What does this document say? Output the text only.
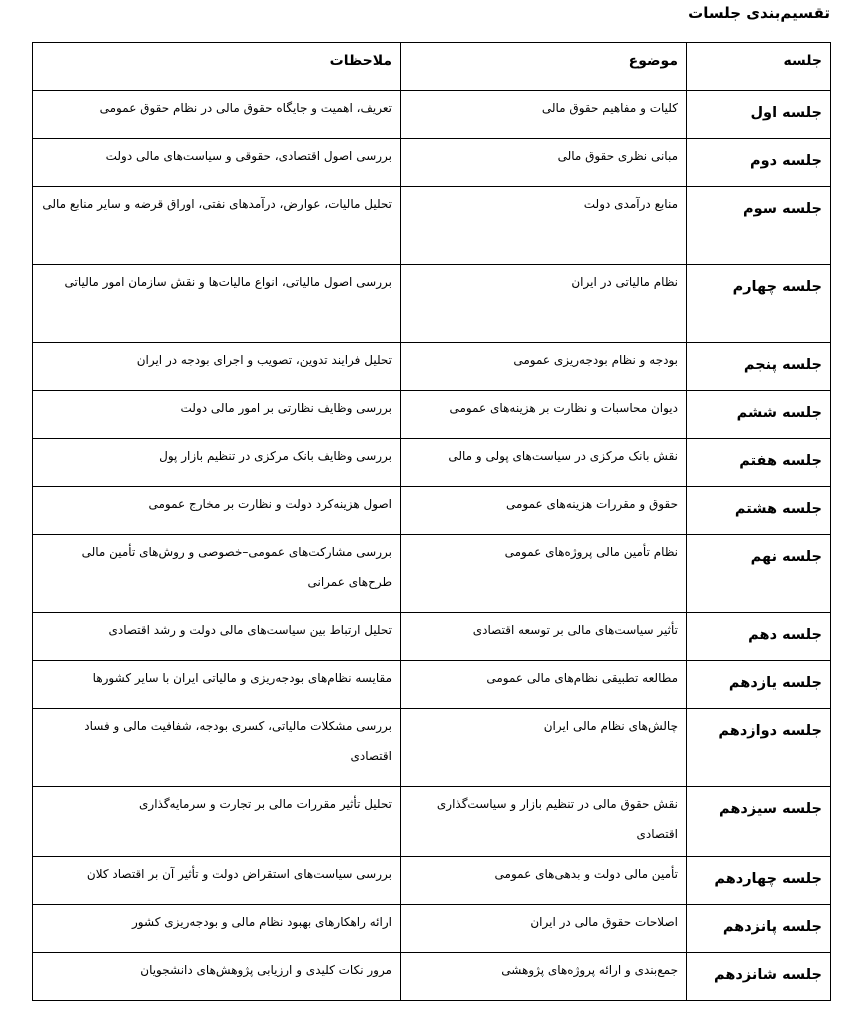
تقسیم‌بندی جلسات
جلسه	موضوع	ملاحظات
جلسه اول	کلیات و مفاهیم حقوق مالی	تعریف، اهمیت و جایگاه حقوق مالی در نظام حقوق عمومی
جلسه دوم	مبانی نظری حقوق مالی	بررسی اصول اقتصادی، حقوقی و سیاست‌های مالی دولت
جلسه سوم	منابع درآمدی دولت	تحلیل مالیات، عوارض، درآمدهای نفتی، اوراق قرضه و سایر منابع مالی
جلسه چهارم	نظام مالیاتی در ایران	بررسی اصول مالیاتی، انواع مالیات‌ها و نقش سازمان امور مالیاتی
جلسه پنجم	بودجه و نظام بودجه‌ریزی عمومی	تحلیل فرایند تدوین، تصویب و اجرای بودجه در ایران
جلسه ششم	دیوان محاسبات و نظارت بر هزینه‌های عمومی	بررسی وظایف نظارتی بر امور مالی دولت
جلسه هفتم	نقش بانک مرکزی در سیاست‌های پولی و مالی	بررسی وظایف بانک مرکزی در تنظیم بازار پول
جلسه هشتم	حقوق و مقررات هزینه‌های عمومی	اصول هزینه‌کرد دولت و نظارت بر مخارج عمومی
جلسه نهم	نظام تأمین مالی پروژه‌های عمومی	بررسی مشارکت‌های عمومی–خصوصی و روش‌های تأمین مالی طرح‌های عمرانی
جلسه دهم	تأثیر سیاست‌های مالی بر توسعه اقتصادی	تحلیل ارتباط بین سیاست‌های مالی دولت و رشد اقتصادی
جلسه یازدهم	مطالعه تطبیقی نظام‌های مالی عمومی	مقایسه نظام‌های بودجه‌ریزی و مالیاتی ایران با سایر کشورها
جلسه دوازدهم	چالش‌های نظام مالی ایران	بررسی مشکلات مالیاتی، کسری بودجه، شفافیت مالی و فساد اقتصادی
جلسه سیزدهم	نقش حقوق مالی در تنظیم بازار و سیاست‌گذاری اقتصادی	تحلیل تأثیر مقررات مالی بر تجارت و سرمایه‌گذاری
جلسه چهاردهم	تأمین مالی دولت و بدهی‌های عمومی	بررسی سیاست‌های استقراض دولت و تأثیر آن بر اقتصاد کلان
جلسه پانزدهم	اصلاحات حقوق مالی در ایران	ارائه راهکارهای بهبود نظام مالی و بودجه‌ریزی کشور
جلسه شانزدهم	جمع‌بندی و ارائه پروژه‌های پژوهشی	مرور نکات کلیدی و ارزیابی پژوهش‌های دانشجویان
